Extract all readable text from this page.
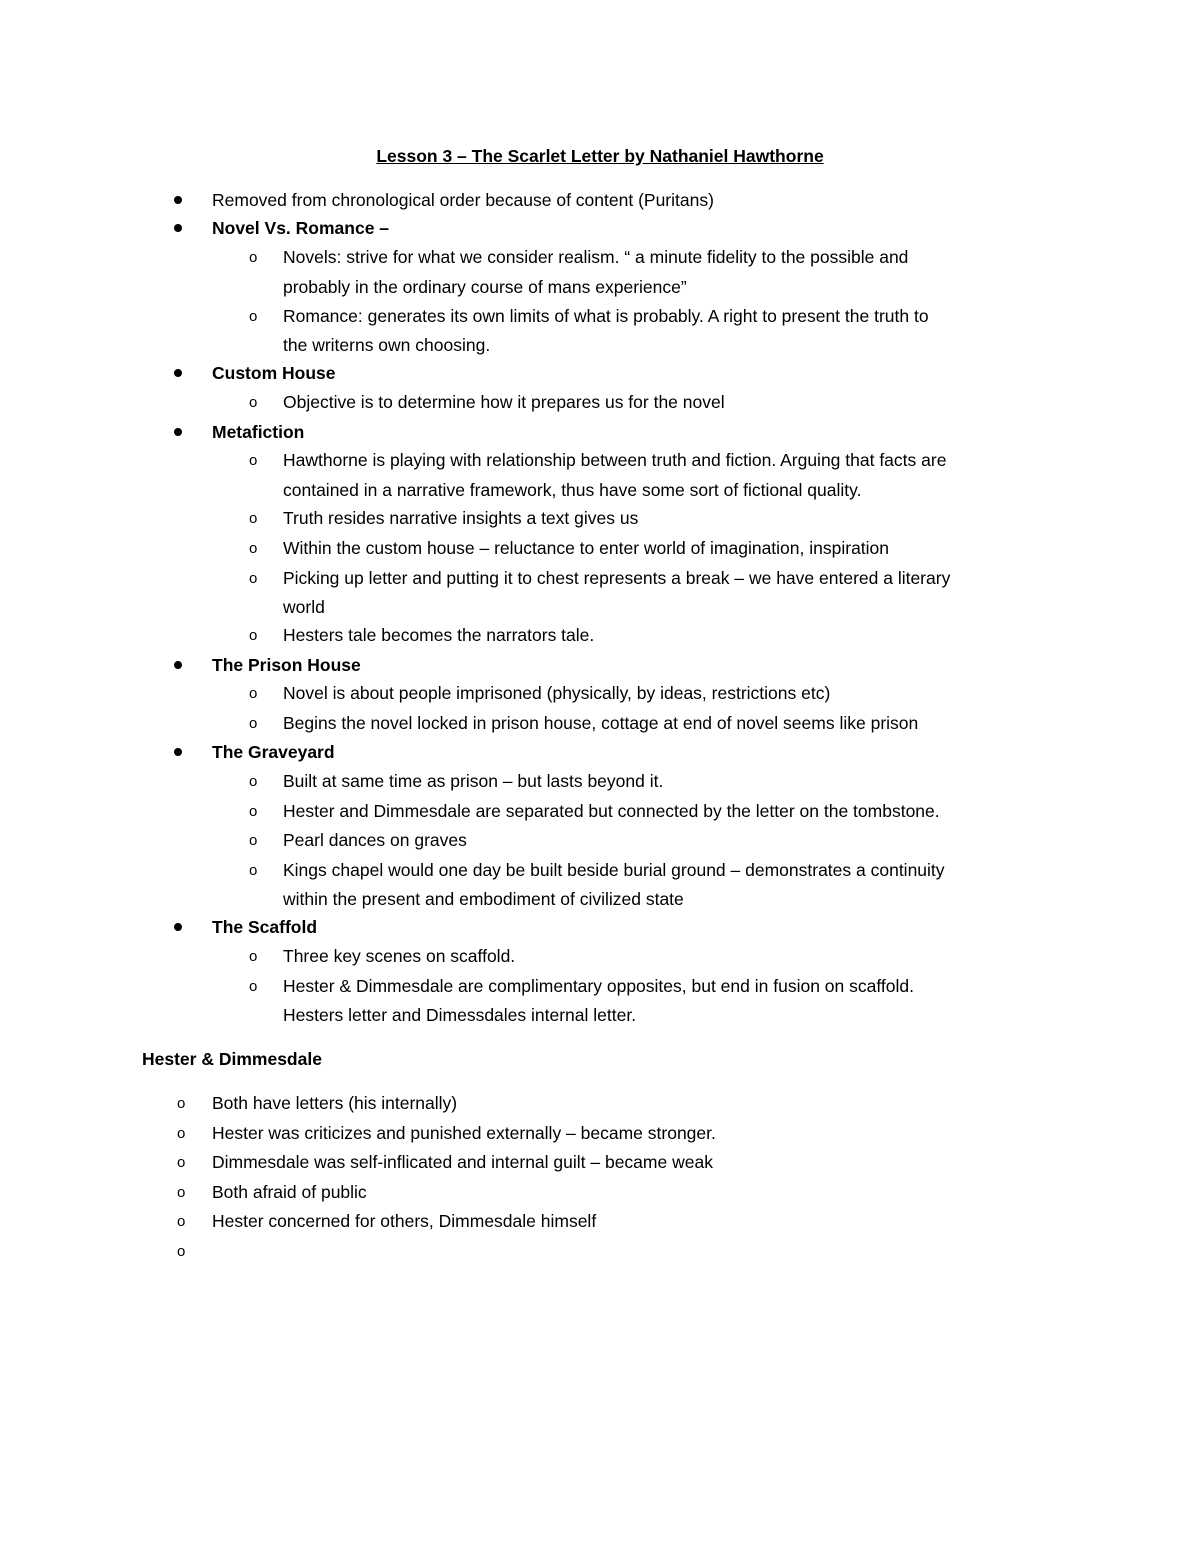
Lesson 3 – The Scarlet Letter by Nathaniel Hawthorne
Removed from chronological order because of content (Puritans)
Novel Vs. Romance –
o Novels: strive for what we consider realism. “ a minute fidelity to the possible and
probably in the ordinary course of mans experience”
o Romance: generates its own limits of what is probably. A right to present the truth to
the writerns own choosing.
Custom House
o Objective is to determine how it prepares us for the novel
Metafiction
o Hawthorne is playing with relationship between truth and fiction. Arguing that facts are
contained in a narrative framework, thus have some sort of fictional quality.
o Truth resides narrative insights a text gives us
o Within the custom house – reluctance to enter world of imagination, inspiration
o Picking up letter and putting it to chest represents a break – we have entered a literary
world
o Hesters tale becomes the narrators tale.
The Prison House
o Novel is about people imprisoned (physically, by ideas, restrictions etc)
o Begins the novel locked in prison house, cottage at end of novel seems like prison
The Graveyard
o Built at same time as prison – but lasts beyond it.
o Hester and Dimmesdale are separated but connected by the letter on the tombstone.
o Pearl dances on graves
o Kings chapel would one day be built beside burial ground – demonstrates a continuity
within the present and embodiment of civilized state
The Scaffold
o Three key scenes on scaffold.
o Hester & Dimmesdale are complimentary opposites, but end in fusion on scaffold.
Hesters letter and Dimessdales internal letter.
Hester & Dimmesdale
o Both have letters (his internally)
o Hester was criticizes and punished externally – became stronger.
o Dimmesdale was self-inflicated and internal guilt – became weak
o Both afraid of public
o Hester concerned for others, Dimmesdale himself
o
